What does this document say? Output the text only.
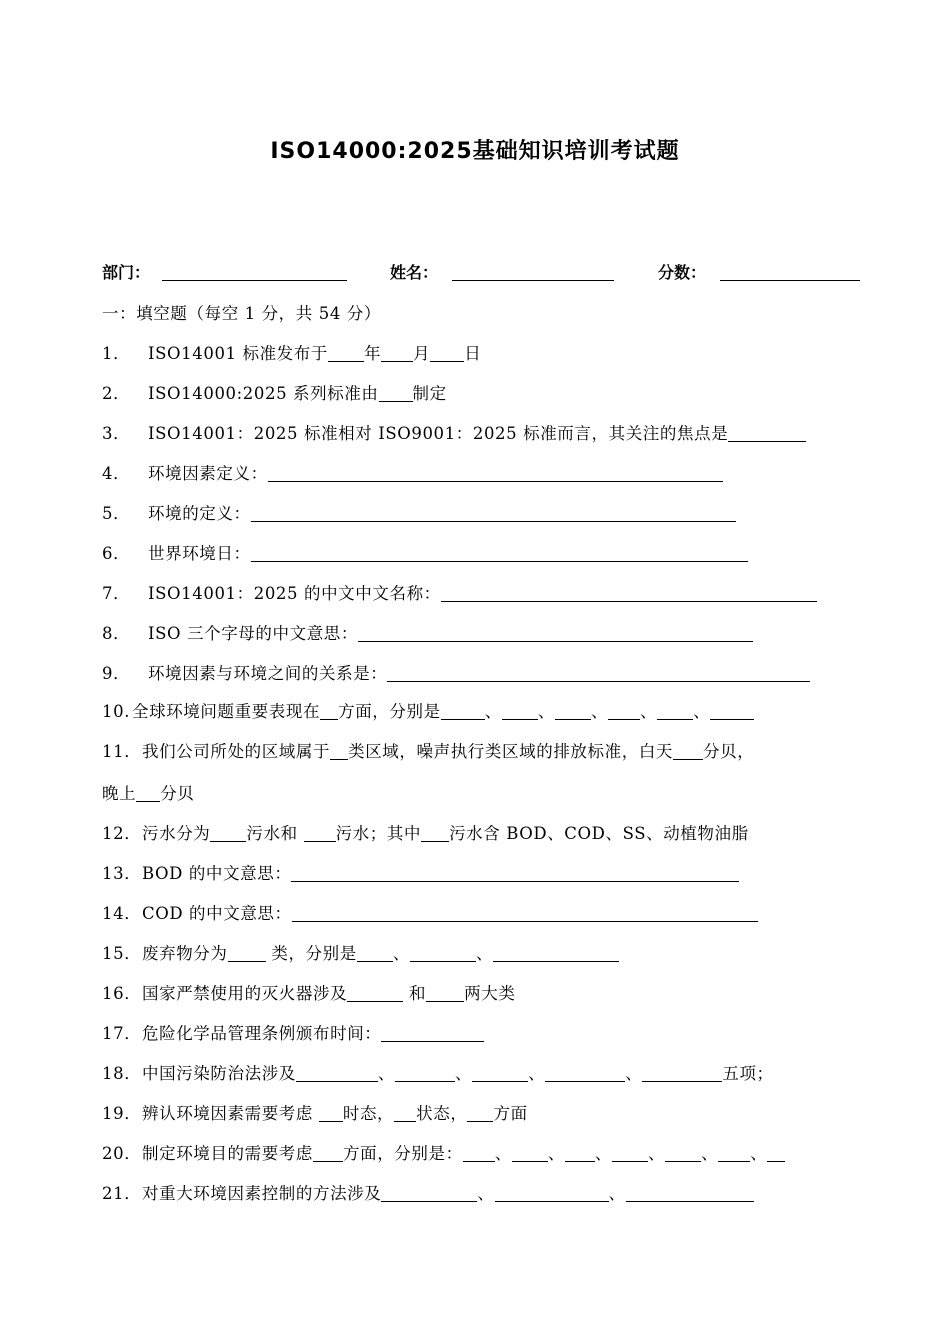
ISO14000:2025基础知识培训考试题
部门：	姓名：	分数：
一：填空题（每空 1 分，共 54 分）
1． ISO14001 标准发布于 年 月 日
2． ISO14000:2025 系列标准由 制定
3． ISO14001：2025 标准相对 ISO9001：2025 标准而言，其关注的焦点是
4． 环境因素定义：
5． 环境的定义：
6． 世界环境日：
7． ISO14001：2025 的中文中文名称：
8． ISO 三个字母的中文意思：
9． 环境因素与环境之间的关系是：
10. 全球环境问题重要表现在 方面，分别是	、 、 、 、 、
11．我们公司所处的区域属于 类区域，噪声执行类区域的排放标准，白天 分贝，
晚上 分贝
12．污水分为 污水和 污水；其中 污水含 BOD、COD、SS、动植物油脂
13．BOD 的中文意思：
14．COD 的中文意思：
15．废弃物分为 类，分别是 、	、
16．国家严禁使用的灭火器涉及	和 两大类
17．危险化学品管理条例颁布时间：
18．中国污染防治法涉及	、	、	、	、	五项；
19．辨认环境因素需要考虑 时态， 状态， 方面
20．制定环境目的需要考虑 方面，分别是： 、 、 、 、 、 、
21．对重大环境因素控制的方法涉及	、	、
